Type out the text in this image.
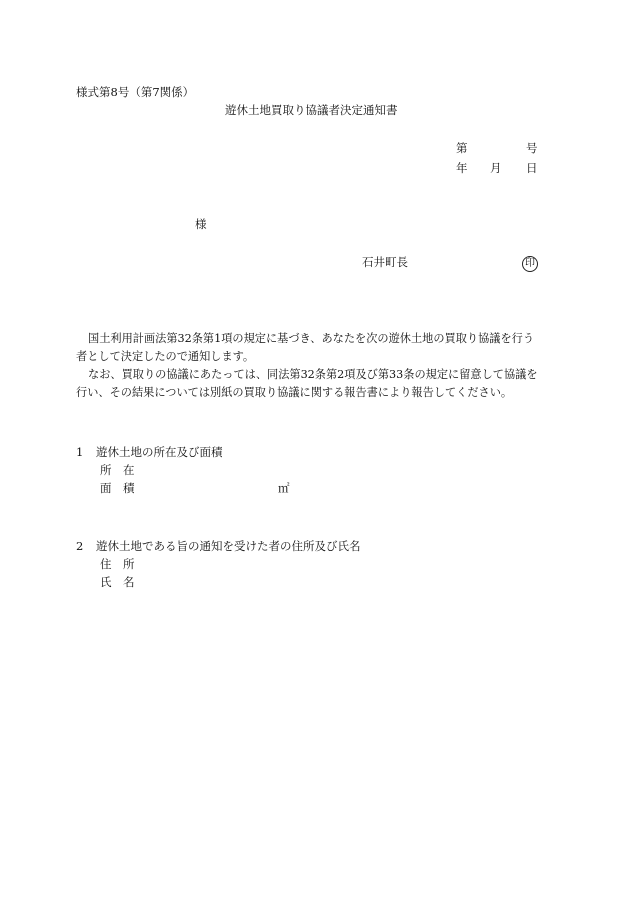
様式第8号（第7関係）
遊休土地買取り協議者決定通知書
第	号
年 月 日
様
石井町長	印
国土利用計画法第32条第1項の規定に基づき、あなたを次の遊休土地の買取り協議を行う
者として決定したので通知します。
なお、買取りの協議にあたっては、同法第32条第2項及び第33条の規定に留意して協議を
行い、その結果については別紙の買取り協議に関する報告書により報告してください。
1 遊休土地の所在及び面積
所　在
面　積	㎡
2 遊休土地である旨の通知を受けた者の住所及び氏名
住　所
氏　名
